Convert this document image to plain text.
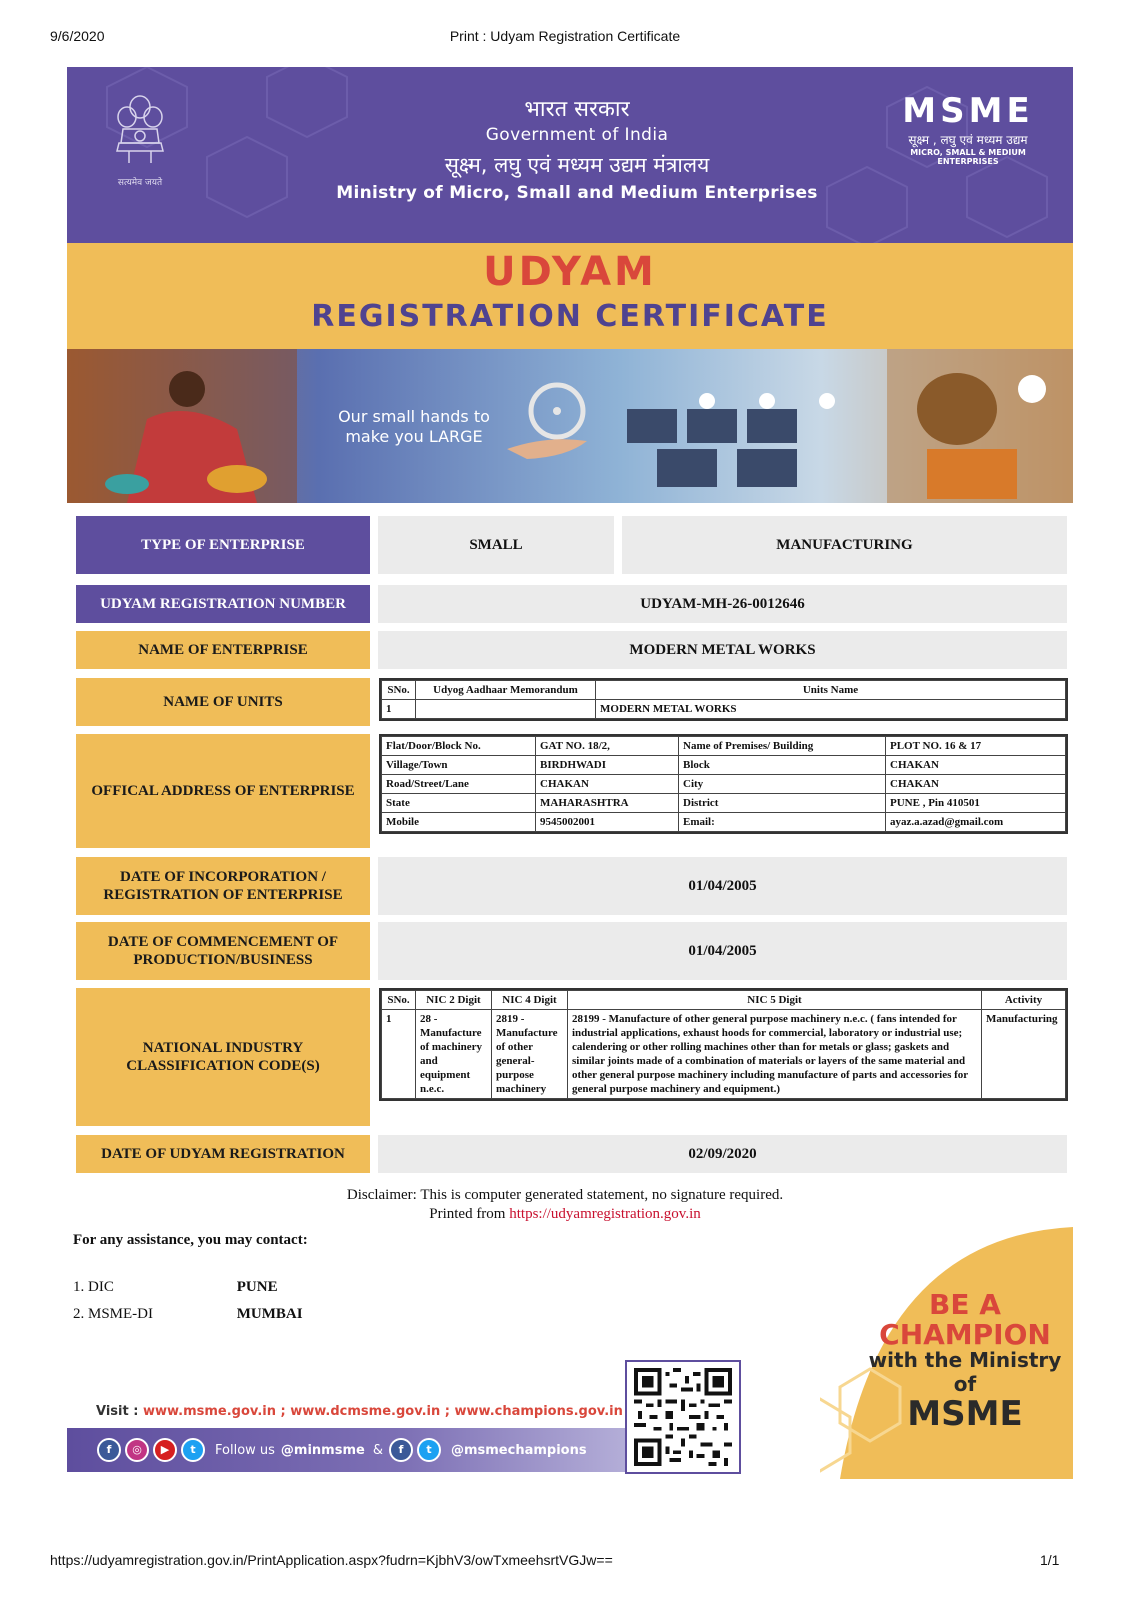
9/6/2020	Print : Udyam Registration Certificate
सत्यमेव जयते
भारत सरकार
Government of India
सूक्ष्म, लघु एवं मध्यम उद्यम मंत्रालय
Ministry of Micro, Small and Medium Enterprises
MSME
सूक्ष्म , लघु एवं मध्यम उद्यम
MICRO, SMALL & MEDIUM ENTERPRISES
UDYAM
REGISTRATION CERTIFICATE
Our small hands to make you LARGE
TYPE OF ENTERPRISE	SMALL	MANUFACTURING
UDYAM REGISTRATION NUMBER	UDYAM-MH-26-0012646
NAME OF ENTERPRISE	MODERN METAL WORKS
NAME OF UNITS
SNo.	Udyog Aadhaar Memorandum	Units Name
1		MODERN METAL WORKS
OFFICAL ADDRESS OF ENTERPRISE
Flat/Door/Block No.	GAT NO. 18/2,	Name of Premises/ Building	PLOT NO. 16 & 17
Village/Town	BIRDHWADI	Block	CHAKAN
Road/Street/Lane	CHAKAN	City	CHAKAN
State	MAHARASHTRA	District	PUNE , Pin 410501
Mobile	9545002001	Email:	ayaz.a.azad@gmail.com
DATE OF INCORPORATION / REGISTRATION OF ENTERPRISE
01/04/2005
DATE OF COMMENCEMENT OF PRODUCTION/BUSINESS
01/04/2005
NATIONAL INDUSTRY CLASSIFICATION CODE(S)
SNo.	NIC 2 Digit	NIC 4 Digit	NIC 5 Digit	Activity
1	28 - Manufacture of machinery and equipment n.e.c.	2819 - Manufacture of other general-purpose machinery	28199 - Manufacture of other general purpose machinery n.e.c. ( fans intended for industrial applications, exhaust hoods for commercial, laboratory or industrial use; calendering or other rolling machines other than for metals or glass; gaskets and similar joints made of a combination of materials or layers of the same material and other general purpose machinery including manufacture of parts and accessories for general purpose machinery and equipment.)	Manufacturing
DATE OF UDYAM REGISTRATION	02/09/2020
Disclaimer: This is computer generated statement, no signature required.
Printed from https://udyamregistration.gov.in
For any assistance, you may contact:
1. DIC	PUNE
2. MSME-DI	MUMBAI	BE A CHAMPION
with the Ministry of
MSME
Visit : www.msme.gov.in ; www.dcmsme.gov.in ; www.champions.gov.in
f	◎	▶	t	Follow us @minmsme &	f	t	@msmechampions
https://udyamregistration.gov.in/PrintApplication.aspx?fudrn=KjbhV3/owTxmeehsrtVGJw==	1/1
